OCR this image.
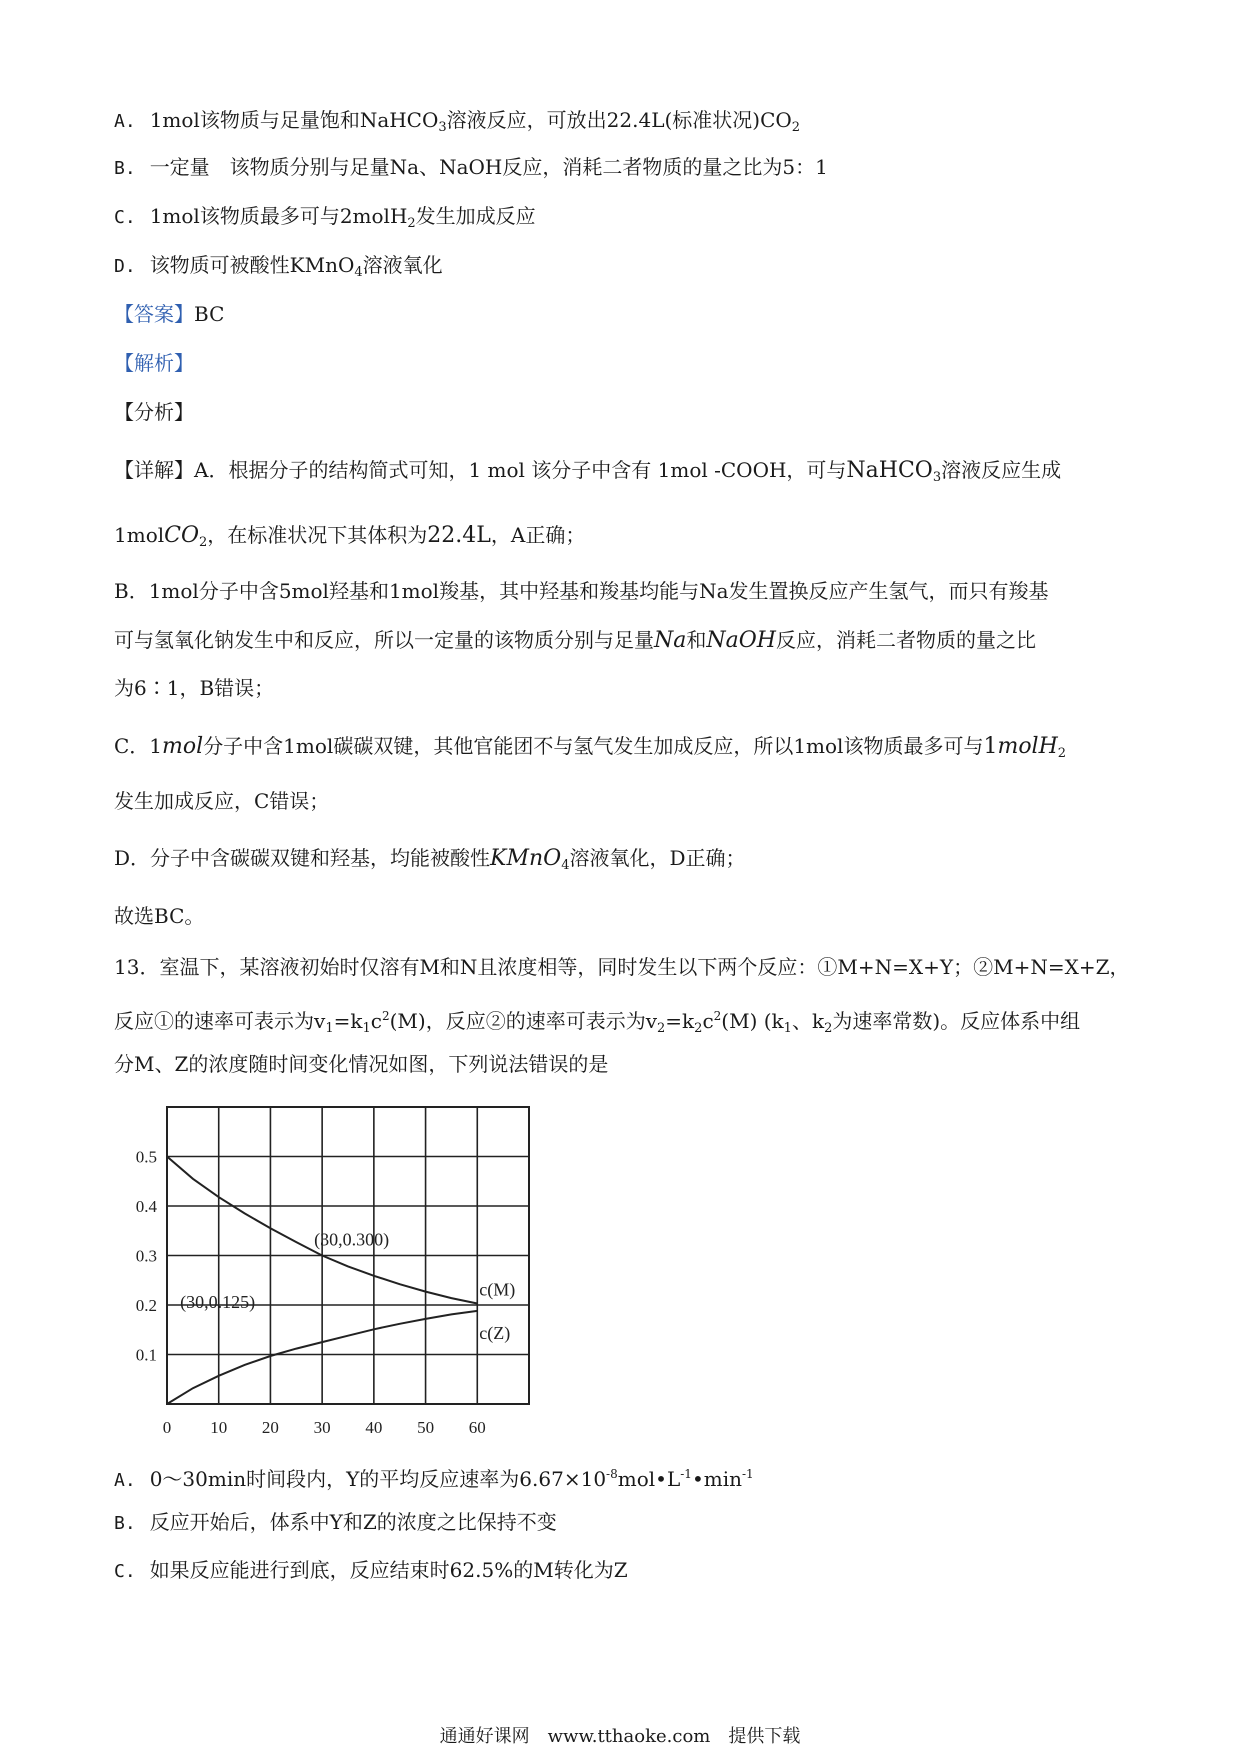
A. 1mol该物质与足量饱和NaHCO$_3$溶液反应，可放出22.4L(标准状况)$CO_2$
B. 一定量　该物质分别与足量Na、NaOH反应，消耗二者物质的量之比为5：1
C. 1mol该物质最多可与2molH$_2$发生加成反应
D. 该物质可被酸性KMnO$_4$溶液氧化
【答案】BC
【解析】
【分析】
【详解】A．根据分子的结构简式可知，1 mol 该分子中含有 1mol -COOH，可与NaHCO$_3$溶液反应生成
1molCO$_2$，在标准状况下其体积为22.4L，A正确；
B．1mol分子中含5mol羟基和1mol羧基，其中羟基和羧基均能与Na发生置换反应产生氢气，而只有羧基
可与氢氧化钠发生中和反应，所以一定量的该物质分别与足量Na和NaOH反应，消耗二者物质的量之比
为6∶1，B错误；
C．1mol分子中含1mol碳碳双键，其他官能团不与氢气发生加成反应，所以1mol该物质最多可与1molH$_2$
发生加成反应，C错误；
D．分子中含碳碳双键和羟基，均能被酸性KMnO$_4$溶液氧化，D正确；
故选BC。
13．室温下，某溶液初始时仅溶有M和N且浓度相等，同时发生以下两个反应：①M+N=X+Y；②M+N=X+Z，
反应①的速率可表示为$v_1=k_1c^2(M)$，反应②的速率可表示为$v_2=k_2c^2(M)$ ($k_1$、$k_2$为速率常数)。反应体系中组
分M、Z的浓度随时间变化情况如图，下列说法错误的是
0 10 20 30 40 50 60
0.5
0.4
0.3
0.2
0.1
c(M)
c(Z)
(30,0.300)
(30,0.125)
A. 0～30min时间段内，Y的平均反应速率为$6.67\times 10^{-8}mol•L^{-1}•\min^{-1}$
B. 反应开始后，体系中Y和Z的浓度之比保持不变
C. 如果反应能进行到底，反应结束时62.5%的M转化为Z
通通好课网　www.tthaoke.com　提供下载
